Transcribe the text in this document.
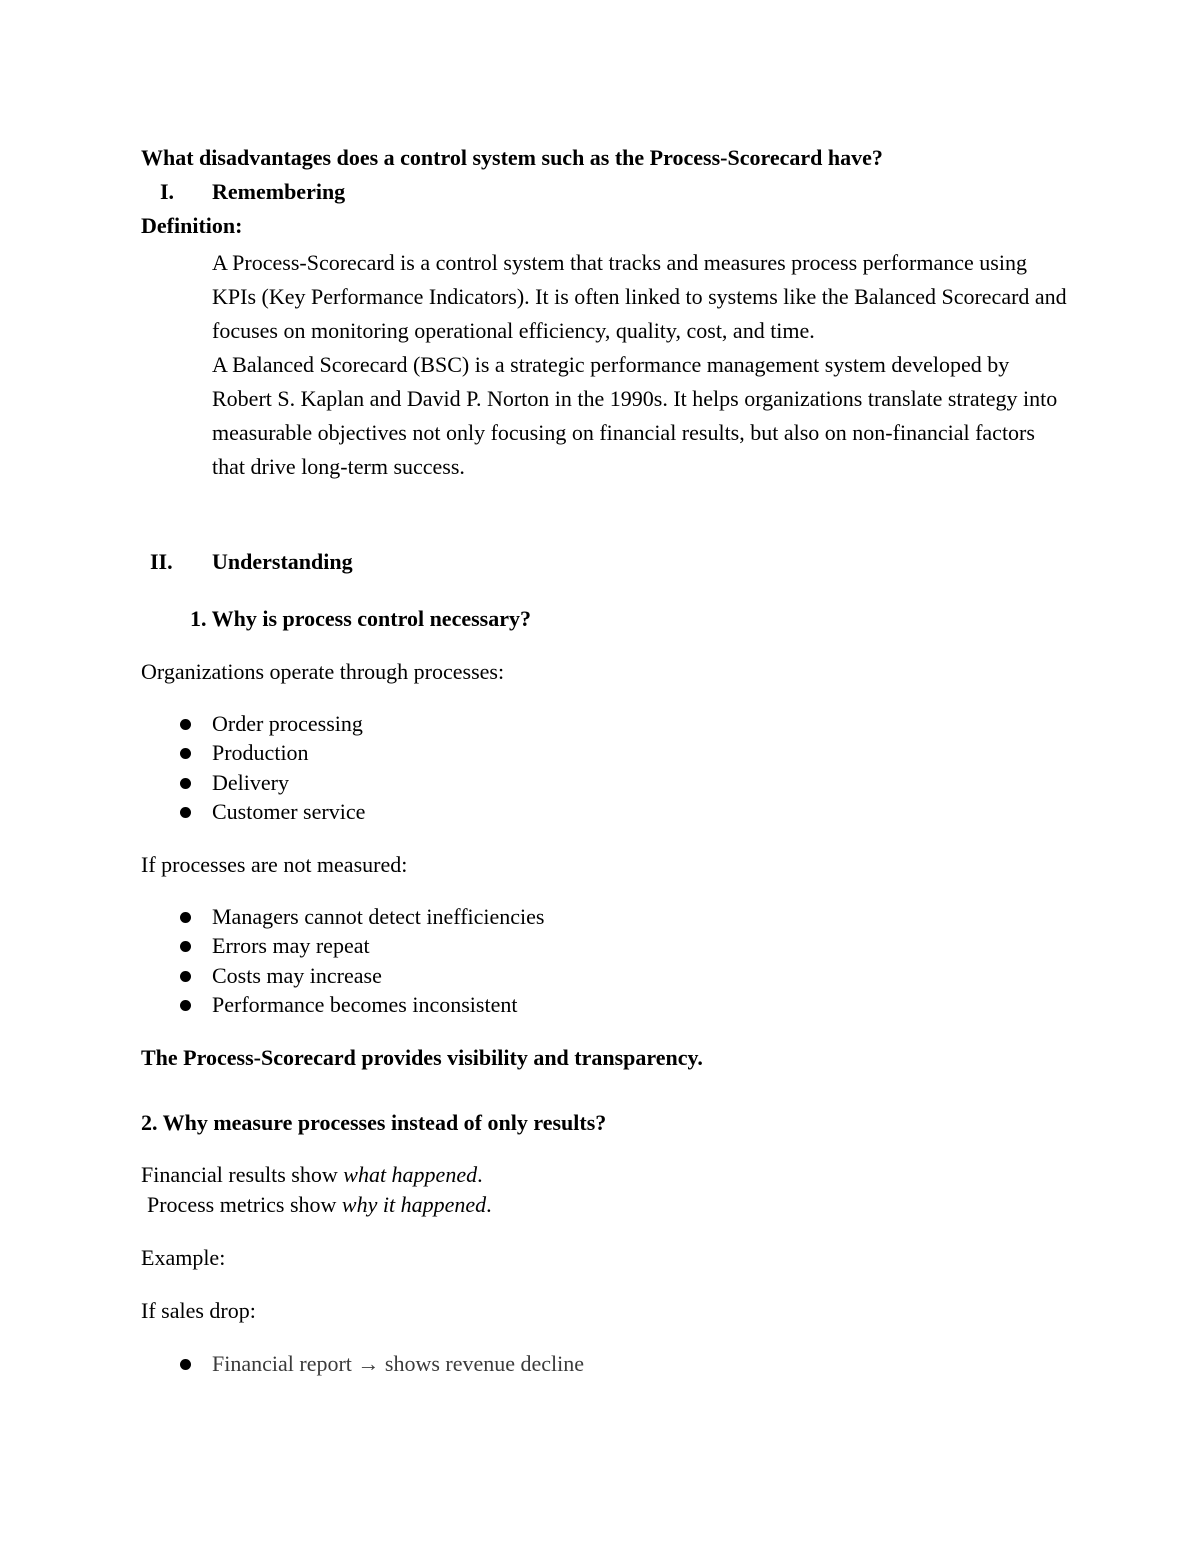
What disadvantages does a control system such as the Process-Scorecard have?
I. Remembering
Definition:

A Process-Scorecard is a control system that tracks and measures process performance using KPIs (Key Performance Indicators). It is often linked to systems like the Balanced Scorecard and focuses on monitoring operational efficiency, quality, cost, and time.

A Balanced Scorecard (BSC) is a strategic performance management system developed by Robert S. Kaplan and David P. Norton in the 1990s. It helps organizations translate strategy into measurable objectives not only focusing on financial results, but also on non-financial factors that drive long-term success.

II. Understanding
1. Why is process control necessary?
Organizations operate through processes:
Order processing
Production
Delivery
Customer service
If processes are not measured:
Managers cannot detect inefficiencies
Errors may repeat
Costs may increase
Performance becomes inconsistent
The Process-Scorecard provides visibility and transparency.
2. Why measure processes instead of only results?
Financial results show what happened.
Process metrics show why it happened.
Example:
If sales drop:
Financial report → shows revenue decline
